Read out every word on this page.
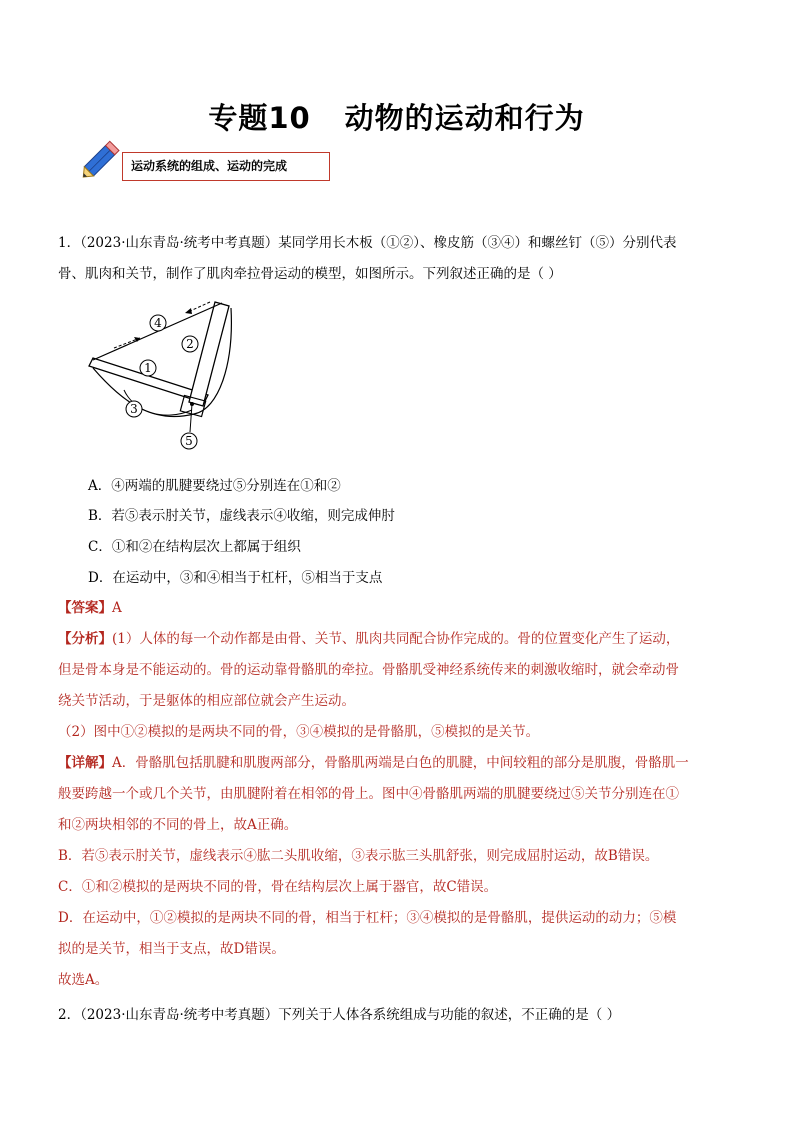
专题10 动物的运动和行为
运动系统的组成、运动的完成
1．（2023·山东青岛·统考中考真题）某同学用长木板（①②）、橡皮筋（③④）和螺丝钉（⑤）分别代表
骨、肌肉和关节，制作了肌肉牵拉骨运动的模型，如图所示。下列叙述正确的是（ ）
4
2
1
3
5
A．④两端的肌腱要绕过⑤分别连在①和②
B．若⑤表示肘关节，虚线表示④收缩，则完成伸肘
C．①和②在结构层次上都属于组织
D．在运动中，③和④相当于杠杆，⑤相当于支点
【答案】A
【分析】(1）人体的每一个动作都是由骨、关节、肌肉共同配合协作完成的。骨的位置变化产生了运动，
但是骨本身是不能运动的。骨的运动靠骨骼肌的牵拉。骨骼肌受神经系统传来的刺激收缩时，就会牵动骨
绕关节活动，于是躯体的相应部位就会产生运动。
（2）图中①②模拟的是两块不同的骨，③④模拟的是骨骼肌，⑤模拟的是关节。
【详解】A．骨骼肌包括肌腱和肌腹两部分，骨骼肌两端是白色的肌腱，中间较粗的部分是肌腹，骨骼肌一
般要跨越一个或几个关节，由肌腱附着在相邻的骨上。图中④骨骼肌两端的肌腱要绕过⑤关节分别连在①
和②两块相邻的不同的骨上，故A正确。
B．若⑤表示肘关节，虚线表示④肱二头肌收缩，③表示肱三头肌舒张，则完成屈肘运动，故B错误。
C．①和②模拟的是两块不同的骨，骨在结构层次上属于器官，故C错误。
D．在运动中，①②模拟的是两块不同的骨，相当于杠杆；③④模拟的是骨骼肌，提供运动的动力；⑤模
拟的是关节，相当于支点，故D错误。
故选A。
2．（2023·山东青岛·统考中考真题）下列关于人体各系统组成与功能的叙述，不正确的是（ ）
